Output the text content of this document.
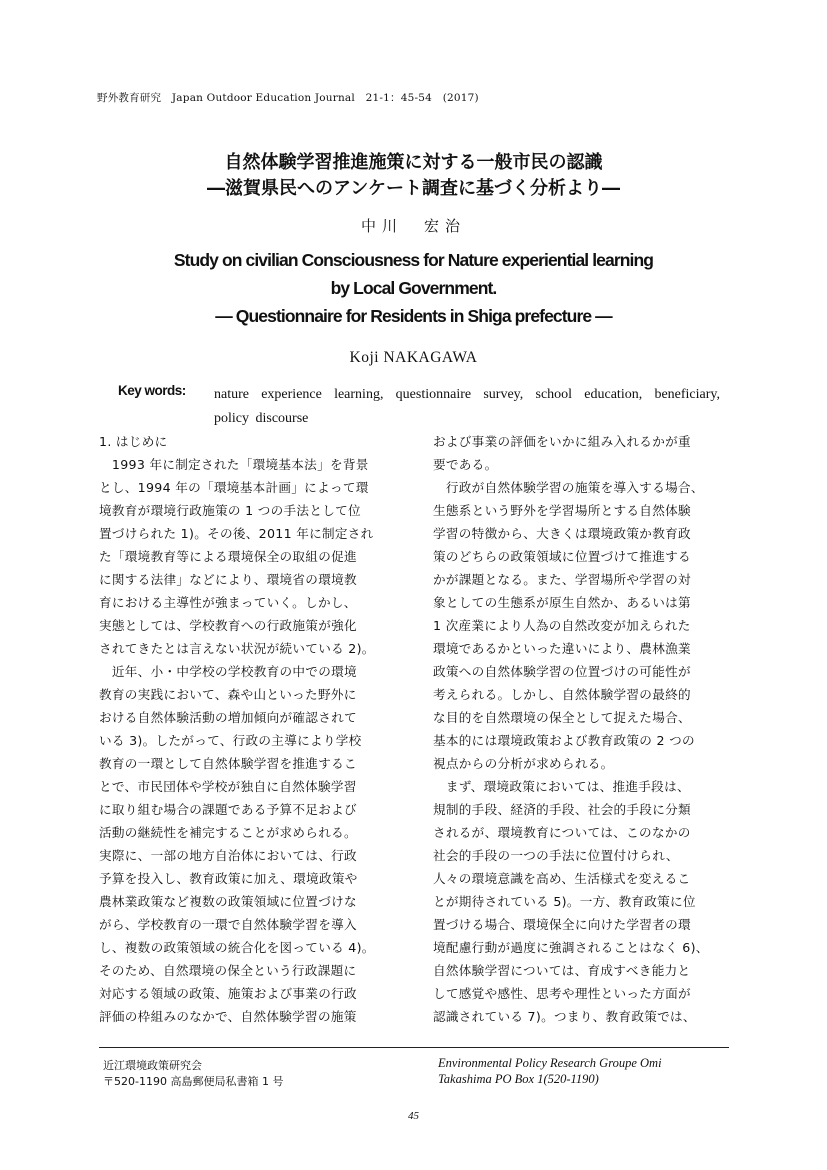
野外教育研究　Japan Outdoor Education Journal　21-1：45-54　(2017)
自然体験学習推進施策に対する一般市民の認識
―滋賀県民へのアンケート調査に基づく分析より―
中川　宏治
Study on civilian Consciousness for Nature experiential learning
by Local Government.
― Questionnaire for Residents in Shiga prefecture ―
Koji NAKAGAWA
Key words: nature experience learning, questionnaire survey, school education, beneficiary, policy discourse
1. はじめに
　1993 年に制定された「環境基本法」を背景
とし、1994 年の「環境基本計画」によって環
境教育が環境行政施策の 1 つの手法として位
置づけられた 1)。その後、2011 年に制定され
た「環境教育等による環境保全の取組の促進
に関する法律」などにより、環境省の環境教
育における主導性が強まっていく。しかし、
実態としては、学校教育への行政施策が強化
されてきたとは言えない状況が続いている 2)。
　近年、小・中学校の学校教育の中での環境
教育の実践において、森や山といった野外に
おける自然体験活動の増加傾向が確認されて
いる 3)。したがって、行政の主導により学校
教育の一環として自然体験学習を推進するこ
とで、市民団体や学校が独自に自然体験学習
に取り組む場合の課題である予算不足および
活動の継続性を補完することが求められる。
実際に、一部の地方自治体においては、行政
予算を投入し、教育政策に加え、環境政策や
農林業政策など複数の政策領域に位置づけな
がら、学校教育の一環で自然体験学習を導入
し、複数の政策領域の統合化を図っている 4)。
そのため、自然環境の保全という行政課題に
対応する領域の政策、施策および事業の行政
評価の枠組みのなかで、自然体験学習の施策
および事業の評価をいかに組み入れるかが重
要である。
　行政が自然体験学習の施策を導入する場合、
生態系という野外を学習場所とする自然体験
学習の特徴から、大きくは環境政策か教育政
策のどちらの政策領域に位置づけて推進する
かが課題となる。また、学習場所や学習の対
象としての生態系が原生自然か、あるいは第
1 次産業により人為の自然改変が加えられた
環境であるかといった違いにより、農林漁業
政策への自然体験学習の位置づけの可能性が
考えられる。しかし、自然体験学習の最終的
な目的を自然環境の保全として捉えた場合、
基本的には環境政策および教育政策の 2 つの
視点からの分析が求められる。
　まず、環境政策においては、推進手段は、
規制的手段、経済的手段、社会的手段に分類
されるが、環境教育については、このなかの
社会的手段の一つの手法に位置付けられ、
人々の環境意識を高め、生活様式を変えるこ
とが期待されている 5)。一方、教育政策に位
置づける場合、環境保全に向けた学習者の環
境配慮行動が過度に強調されることはなく 6)、
自然体験学習については、育成すべき能力と
して感覚や感性、思考や理性といった方面が
認識されている 7)。つまり、教育政策では、
近江環境政策研究会
〒520-1190 高島郵便局私書箱 1 号
Environmental Policy Research Groupe Omi
Takashima PO Box 1(520-1190)
45
